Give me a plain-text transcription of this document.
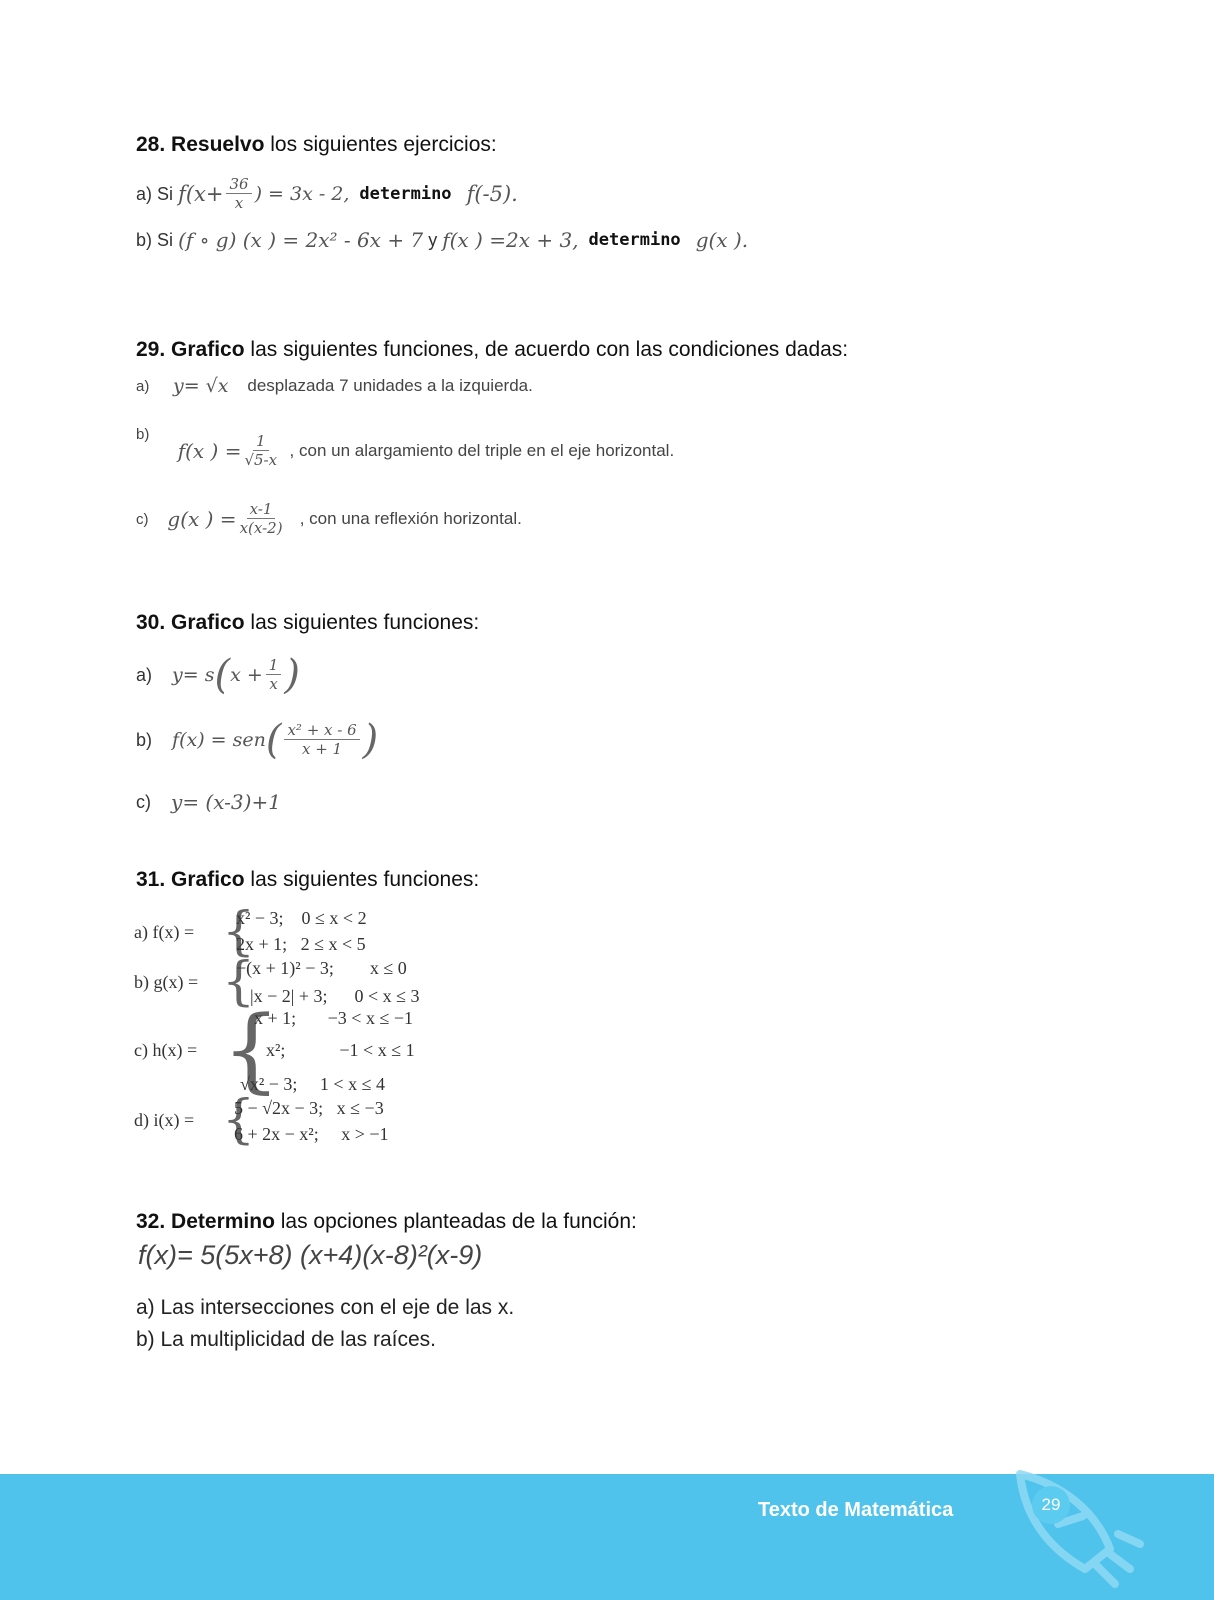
28. Resuelvo los siguientes ejercicios:
a)
Si
$f(x+ \frac{36}{x}$ ) = 3x - 2,
determino
f(-5).
b)
Si
(f ∘ g) (x ) = 2x² - 6x + 7
y
f(x ) =2x + 3,
determino
g(x ).
29. Grafico las siguientes funciones, de acuerdo con las condiciones dadas:
a)
y= √x
desplazada 7 unidades a la izquierda.
b)

f(x ) = $\frac{1}{√5-x}$
, con un alargamiento del triple en el eje horizontal.
c)
g(x ) = $\frac{x-1}{x(x-2)}$
, con una reflexión horizontal.
30. Grafico las siguientes funciones:
a)
y= s ( $x + \frac{1}{x}$ )
b)
f(x) = sen ( $\frac{\text{x² + x - 6}}{x + 1}$ )
c)
y= (x-3)+1
31. Grafico las siguientes funciones:
a) f(x) = {
x² − 3;    0 ≤ x < 2
2x + 1;   2 ≤ x < 5
b) g(x) = {
−(x + 1)² − 3;        x ≤ 0
|x − 2| + 3;      0 < x ≤ 3
c) h(x) = {
x + 1;       −3 < x ≤ −1
x²;            −1 < x ≤ 1
√x² − 3;     1 < x ≤ 4
d) i(x) = {
5 − √2x − 3;   x ≤ −3
6 + 2x − x²;     x > −1
32. Determino las opciones planteadas de la función:
f(x)= 5(5x+8) (x+4)(x-8)²(x-9)
a) Las intersecciones con el eje de las x.
b) La multiplicidad de las raíces.
Texto de Matemática	29
